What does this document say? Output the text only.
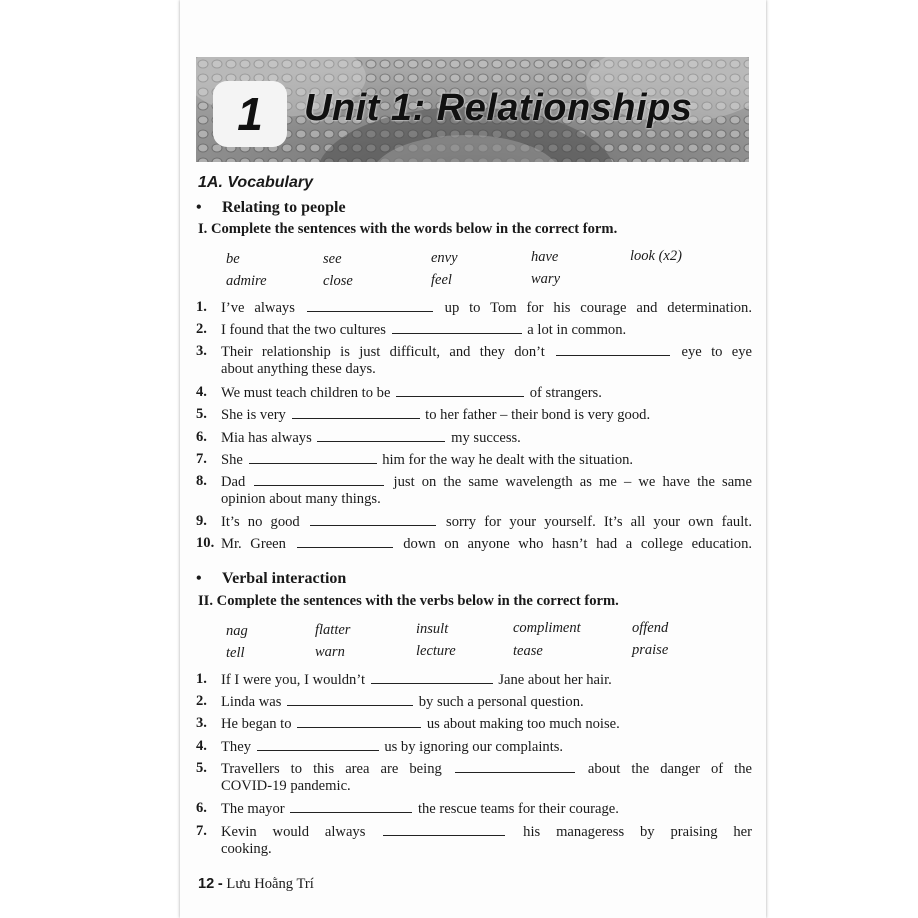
1	Unit 1: Relationships
1A. Vocabulary
• Relating to people
I. Complete the sentences with the words below in the correct form.
be	see	envy	have	look (x2)
admire	close	feel	wary
1. I’ve always	up to Tom for his courage and determination.
2. I found that the two cultures	a lot in common.
3. Their relationship is just difficult, and they don’t	eye to eye
about anything these days.
4. We must teach children to be	of strangers.
5. She is very	to her father – their bond is very good.
6. Mia has always	my success.
7. She	him for the way he dealt with the situation.
8. Dad	just on the same wavelength as me – we have the same
opinion about many things.
9. It’s no good	sorry for your yourself. It’s all your own fault.
10. Mr. Green	down on anyone who hasn’t had a college education.
• Verbal interaction
II. Complete the sentences with the verbs below in the correct form.
nag	flatter	insult	compliment	offend
tell	warn	lecture	tease	praise
1. If I were you, I wouldn’t	Jane about her hair.
2. Linda was	by such a personal question.
3. He began to	us about making too much noise.
4. They	us by ignoring our complaints.
5. Travellers to this area are being	about the danger of the
COVID-19 pandemic.
6. The mayor	the rescue teams for their courage.
7. Kevin would always	his manageress by praising her
cooking.
12 - Lưu Hoằng Trí
